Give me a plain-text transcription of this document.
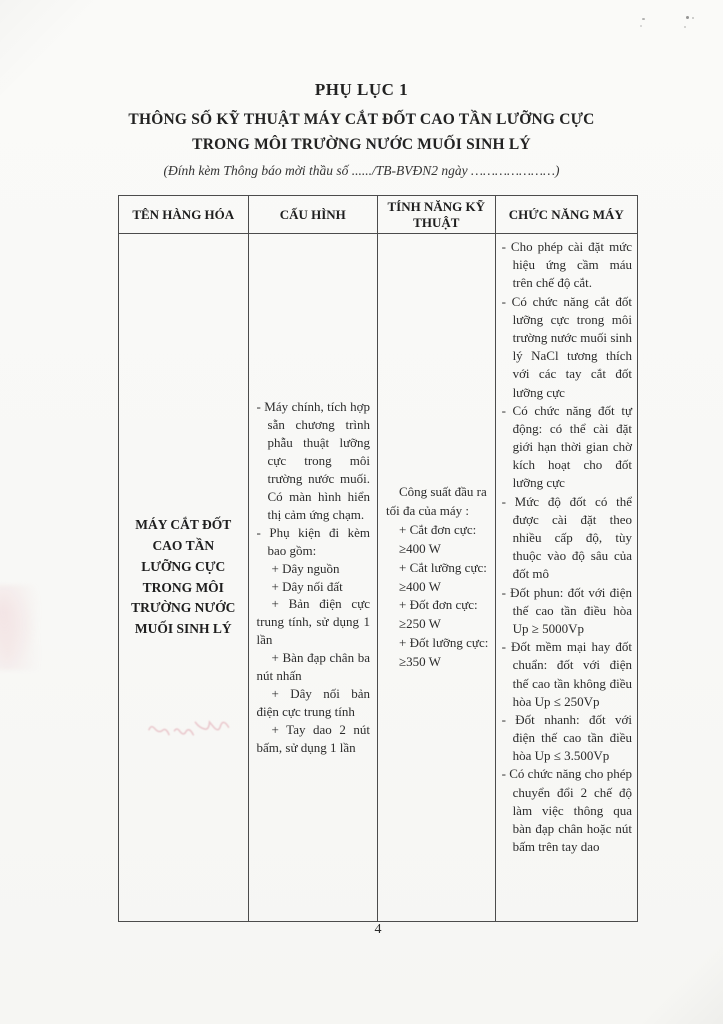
PHỤ LỤC 1
THÔNG SỐ KỸ THUẬT MÁY CẮT ĐỐT CAO TẦN LƯỠNG CỰC
TRONG MÔI TRƯỜNG NƯỚC MUỐI SINH LÝ
(Đính kèm Thông báo mời thầu số ....../TB-BVĐN2 ngày …………………)
TÊN HÀNG HÓA	CẤU HÌNH
TÍNH NĂNG KỸ THUẬT
CHỨC NĂNG MÁY
MÁY CẮT ĐỐT CAO TẦN LƯỠNG CỰC TRONG MÔI TRƯỜNG NƯỚC MUỐI SINH LÝ

- Máy chính, tích hợp sẵn chương trình phẫu thuật lưỡng cực trong môi trường nước muối. Có màn hình hiển thị cảm ứng chạm.

- Phụ kiện đi kèm bao gồm:

+ Dây nguồn

+ Dây nối đất

+ Bản điện cực trung tính, sử dụng 1 lần

+ Bàn đạp chân ba nút nhấn

+ Dây nối bản điện cực trung tính

+ Tay dao 2 nút bấm, sử dụng 1 lần

Công suất đầu ra tối đa của máy :

+ Cắt đơn cực: ≥400 W

+ Cắt lưỡng cực: ≥400 W

+ Đốt đơn cực: ≥250 W

+ Đốt lưỡng cực: ≥350 W

- Cho phép cài đặt mức hiệu ứng cầm máu trên chế độ cắt.

- Có chức năng cắt đốt lưỡng cực trong môi trường nước muối sinh lý NaCl tương thích với các tay cắt đốt lưỡng cực

- Có chức năng đốt tự động: có thể cài đặt giới hạn thời gian chờ kích hoạt cho đốt lưỡng cực

- Mức độ đốt có thể được cài đặt theo nhiều cấp độ, tùy thuộc vào độ sâu của đốt mô

- Đốt phun: đốt với điện thế cao tần điều hòa Up ≥ 5000Vp

- Đốt mềm mại hay đốt chuẩn: đốt với điện thế cao tần không điều hòa Up ≤ 250Vp

- Đốt nhanh: đốt với điện thế cao tần điều hòa Up ≤ 3.500Vp

- Có chức năng cho phép chuyển đổi 2 chế độ làm việc thông qua bàn đạp chân hoặc nút bấm trên tay dao

4
